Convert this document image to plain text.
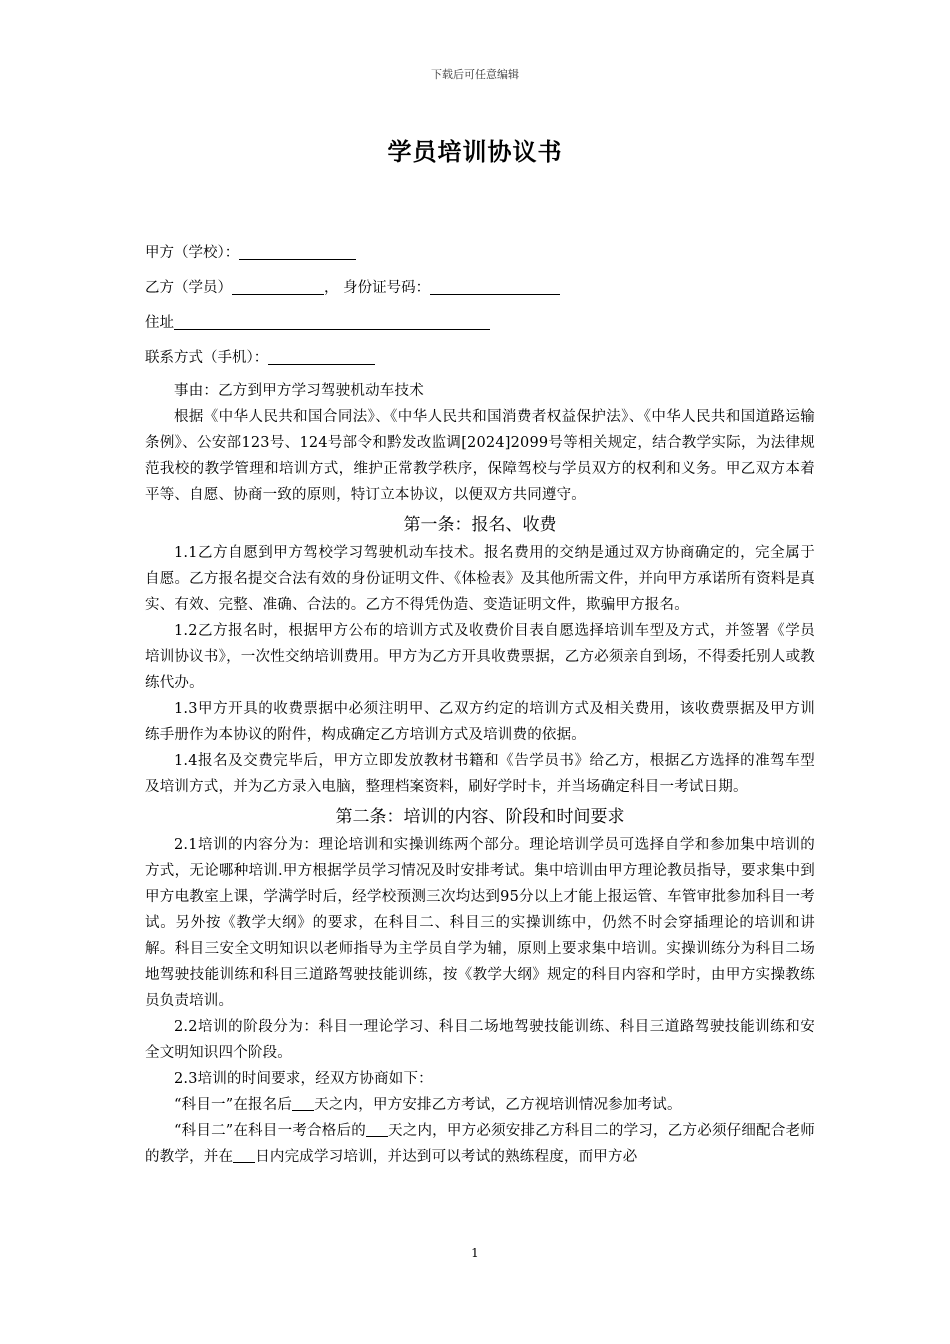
下载后可任意编辑
学员培训协议书
甲方（学校）：
乙方（学员）	， 身份证号码：
住址
联系方式（手机）：

事由：乙方到甲方学习驾驶机动车技术

根据《中华人民共和国合同法》、《中华人民共和国消费者权益保护法》、《中华人民共和国道路运输条例》、公安部123号、124号部令和黔发改监调[2024]2099号等相关规定，结合教学实际，为法律规范我校的教学管理和培训方式，维护正常教学秩序，保障驾校与学员双方的权利和义务。甲乙双方本着平等、自愿、协商一致的原则，特订立本协议，以便双方共同遵守。

第一条：报名、收费

1.1乙方自愿到甲方驾校学习驾驶机动车技术。报名费用的交纳是通过双方协商确定的，完全属于自愿。乙方报名提交合法有效的身份证明文件、《体检表》及其他所需文件，并向甲方承诺所有资料是真实、有效、完整、准确、合法的。乙方不得凭伪造、变造证明文件，欺骗甲方报名。

1.2乙方报名时，根据甲方公布的培训方式及收费价目表自愿选择培训车型及方式，并签署《学员培训协议书》，一次性交纳培训费用。甲方为乙方开具收费票据，乙方必须亲自到场，不得委托别人或教练代办。

1.3甲方开具的收费票据中必须注明甲、乙双方约定的培训方式及相关费用，该收费票据及甲方训练手册作为本协议的附件，构成确定乙方培训方式及培训费的依据。

1.4报名及交费完毕后，甲方立即发放教材书籍和《告学员书》给乙方，根据乙方选择的准驾车型及培训方式，并为乙方录入电脑，整理档案资料，刷好学时卡，并当场确定科目一考试日期。

第二条：培训的内容、阶段和时间要求

2.1培训的内容分为：理论培训和实操训练两个部分。理论培训学员可选择自学和参加集中培训的方式，无论哪种培训.甲方根据学员学习情况及时安排考试。集中培训由甲方理论教员指导，要求集中到甲方电教室上课，学满学时后，经学校预测三次均达到95分以上才能上报运管、车管审批参加科目一考试。另外按《教学大纲》的要求，在科目二、科目三的实操训练中，仍然不时会穿插理论的培训和讲解。科目三安全文明知识以老师指导为主学员自学为辅，原则上要求集中培训。实操训练分为科目二场地驾驶技能训练和科目三道路驾驶技能训练，按《教学大纲》规定的科目内容和学时，由甲方实操教练员负责培训。

2.2培训的阶段分为：科目一理论学习、科目二场地驾驶技能训练、科目三道路驾驶技能训练和安全文明知识四个阶段。

2.3培训的时间要求，经双方协商如下：

“科目一”在报名后 天之内，甲方安排乙方考试，乙方视培训情况参加考试。

“科目二”在科目一考合格后的 天之内，甲方必须安排乙方科目二的学习，乙方必须仔细配合老师的教学，并在 日内完成学习培训，并达到可以考试的熟练程度，而甲方必

1
